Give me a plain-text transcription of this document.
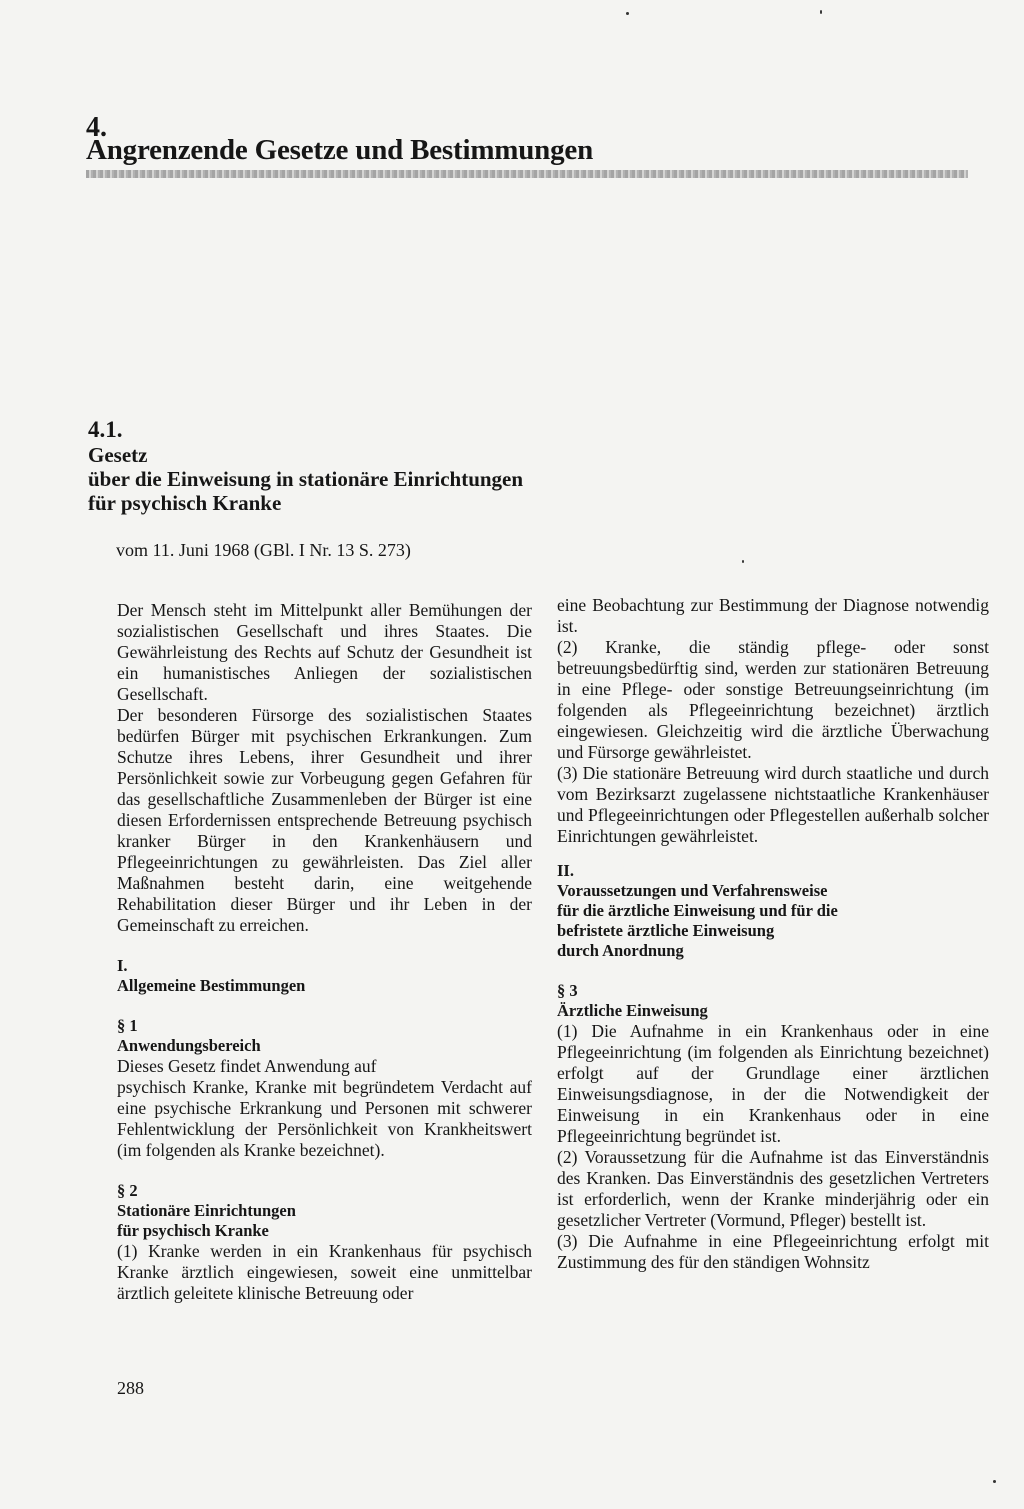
4.
Angrenzende Gesetze und Bestimmungen
4.1.
Gesetz
über die Einweisung in stationäre Einrichtungen
für psychisch Kranke
vom 11. Juni 1968 (GBl. I Nr. 13 S. 273)

Der Mensch steht im Mittelpunkt aller Bemühungen der sozialistischen Gesellschaft und ihres Staates. Die Gewährleistung des Rechts auf Schutz der Gesundheit ist ein humanistisches Anliegen der sozialistischen Gesellschaft.

Der besonderen Fürsorge des sozialistischen Staates bedürfen Bürger mit psychischen Erkrankungen. Zum Schutze ihres Lebens, ihrer Gesundheit und ihrer Persönlichkeit sowie zur Vorbeugung gegen Gefahren für das gesellschaftliche Zusammenleben der Bürger ist eine diesen Erfordernissen entsprechende Betreuung psychisch kranker Bürger in den Krankenhäusern und Pflegeeinrichtungen zu gewährleisten. Das Ziel aller Maßnahmen besteht darin, eine weitgehende Rehabilitation dieser Bürger und ihr Leben in der Gemeinschaft zu erreichen.

I.
Allgemeine Bestimmungen
§ 1
Anwendungsbereich

Dieses Gesetz findet Anwendung auf

psychisch Kranke, Kranke mit begründetem Verdacht auf eine psychische Erkrankung und Personen mit schwerer Fehlentwicklung der Persönlichkeit von Krankheitswert (im folgenden als Kranke bezeichnet).

§ 2
Stationäre Einrichtungen
für psychisch Kranke

(1) Kranke werden in ein Krankenhaus für psychisch Kranke ärztlich eingewiesen, soweit eine unmittelbar ärztlich geleitete klinische Betreuung oder

eine Beobachtung zur Bestimmung der Diagnose notwendig ist.

(2) Kranke, die ständig pflege- oder sonst betreuungsbedürftig sind, werden zur stationären Betreuung in eine Pflege- oder sonstige Betreuungseinrichtung (im folgenden als Pflegeeinrichtung bezeichnet) ärztlich eingewiesen. Gleichzeitig wird die ärztliche Überwachung und Fürsorge gewährleistet.

(3) Die stationäre Betreuung wird durch staatliche und durch vom Bezirksarzt zugelassene nichtstaatliche Krankenhäuser und Pflegeeinrichtungen oder Pflegestellen außerhalb solcher Einrichtungen gewährleistet.

II.
Voraussetzungen und Verfahrensweise
für die ärztliche Einweisung und für die
befristete ärztliche Einweisung
durch Anordnung
§ 3
Ärztliche Einweisung

(1) Die Aufnahme in ein Krankenhaus oder in eine Pflegeeinrichtung (im folgenden als Einrichtung bezeichnet) erfolgt auf der Grundlage einer ärztlichen Einweisungsdiagnose, in der die Notwendigkeit der Einweisung in ein Krankenhaus oder in eine Pflegeeinrichtung begründet ist.

(2) Voraussetzung für die Aufnahme ist das Einverständnis des Kranken. Das Einverständnis des gesetzlichen Vertreters ist erforderlich, wenn der Kranke minderjährig oder ein gesetzlicher Vertreter (Vormund, Pfleger) bestellt ist.

(3) Die Aufnahme in eine Pflegeeinrichtung erfolgt mit Zustimmung des für den ständigen Wohnsitz

288
